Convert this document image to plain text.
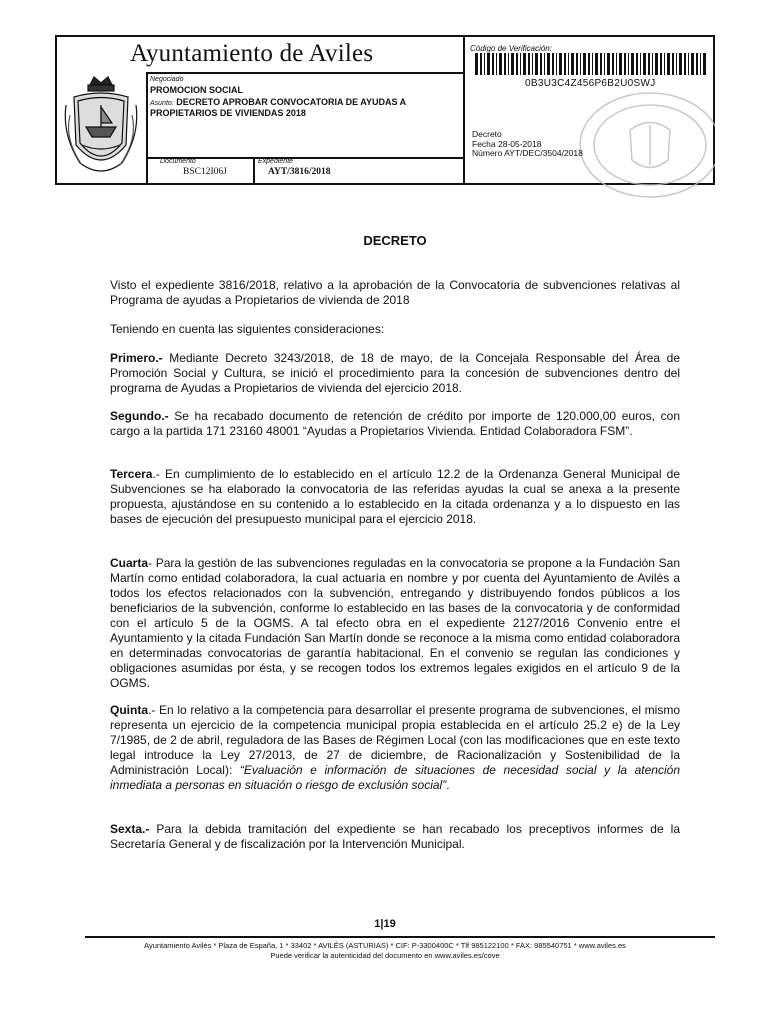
Ayuntamiento de Aviles
Negociado
PROMOCION SOCIAL
Asunto: DECRETO APROBAR CONVOCATORIA DE AYUDAS A
PROPIETARIOS DE VIVIENDAS 2018
Documento
BSC12I06J
Expediente
AYT/3816/2018
Código de Verificación:
0B3U3C4Z456P6B2U0SWJ
Decreto
Fecha 28-05-2018
Número AYT/DEC/3504/2018
DECRETO

Visto el expediente 3816/2018, relativo a la aprobación de la Convocatoria de subvenciones relativas al Programa de ayudas a Propietarios de vivienda de 2018

Teniendo en cuenta las siguientes consideraciones:

Primero.- Mediante Decreto 3243/2018, de 18 de mayo, de la Concejala Responsable del Área de Promoción Social y Cultura, se inició el procedimiento para la concesión de subvenciones dentro del programa de Ayudas a Propietarios de vivienda del ejercicio 2018.

Segundo.- Se ha recabado documento de retención de crédito por importe de 120.000,00 euros, con cargo a la partida 171 23160 48001 “Ayudas a Propietarios Vivienda. Entidad Colaboradora FSM”.

Tercera.- En cumplimiento de lo establecido en el artículo 12.2 de la Ordenanza General Municipal de Subvenciones se ha elaborado la convocatoria de las referidas ayudas la cual se anexa a la presente propuesta, ajustándose en su contenido a lo establecido en la citada ordenanza y a lo dispuesto en las bases de ejecución del presupuesto municipal para el ejercicio 2018.

Cuarta- Para la gestión de las subvenciones reguladas en la convocatoria se propone a la Fundación San Martín como entidad colaboradora, la cual actuaría en nombre y por cuenta del Ayuntamiento de Avilés a todos los efectos relacionados con la subvención, entregando y distribuyendo fondos públicos a los beneficiarios de la subvención, conforme lo establecido en las bases de la convocatoria y de conformidad con el artículo 5 de la OGMS. A tal efecto obra en el expediente 2127/2016 Convenio entre el Ayuntamiento y la citada Fundación San Martín donde se reconoce a la misma como entidad colaboradora en determinadas convocatorias de garantía habitacional. En el convenio se regulan las condiciones y obligaciones asumidas por ésta, y se recogen todos los extremos legales exigidos en el artículo 9 de la OGMS.

Quinta.- En lo relativo a la competencia para desarrollar el presente programa de subvenciones, el mismo representa un ejercicio de la competencia municipal propia establecida en el artículo 25.2 e) de la Ley 7/1985, de 2 de abril, reguladora de las Bases de Régimen Local (con las modificaciones que en este texto legal introduce la Ley 27/2013, de 27 de diciembre, de Racionalización y Sostenibilidad de la Administración Local): “Evaluación e información de situaciones de necesidad social y la atención inmediata a personas en situación o riesgo de exclusión social”.

Sexta.- Para la debida tramitación del expediente se han recabado los preceptivos informes de la Secretaría General y de fiscalización por la Intervención Municipal.

1|19
Ayuntamiento Avilés * Plaza de España, 1 * 33402 * AVILÉS (ASTURIAS) * CIF: P-3300400C * Tlf 985122100 * FAX: 985540751 * www.aviles.es
Puede verificar la autenticidad del documento en www.aviles.es/cove
